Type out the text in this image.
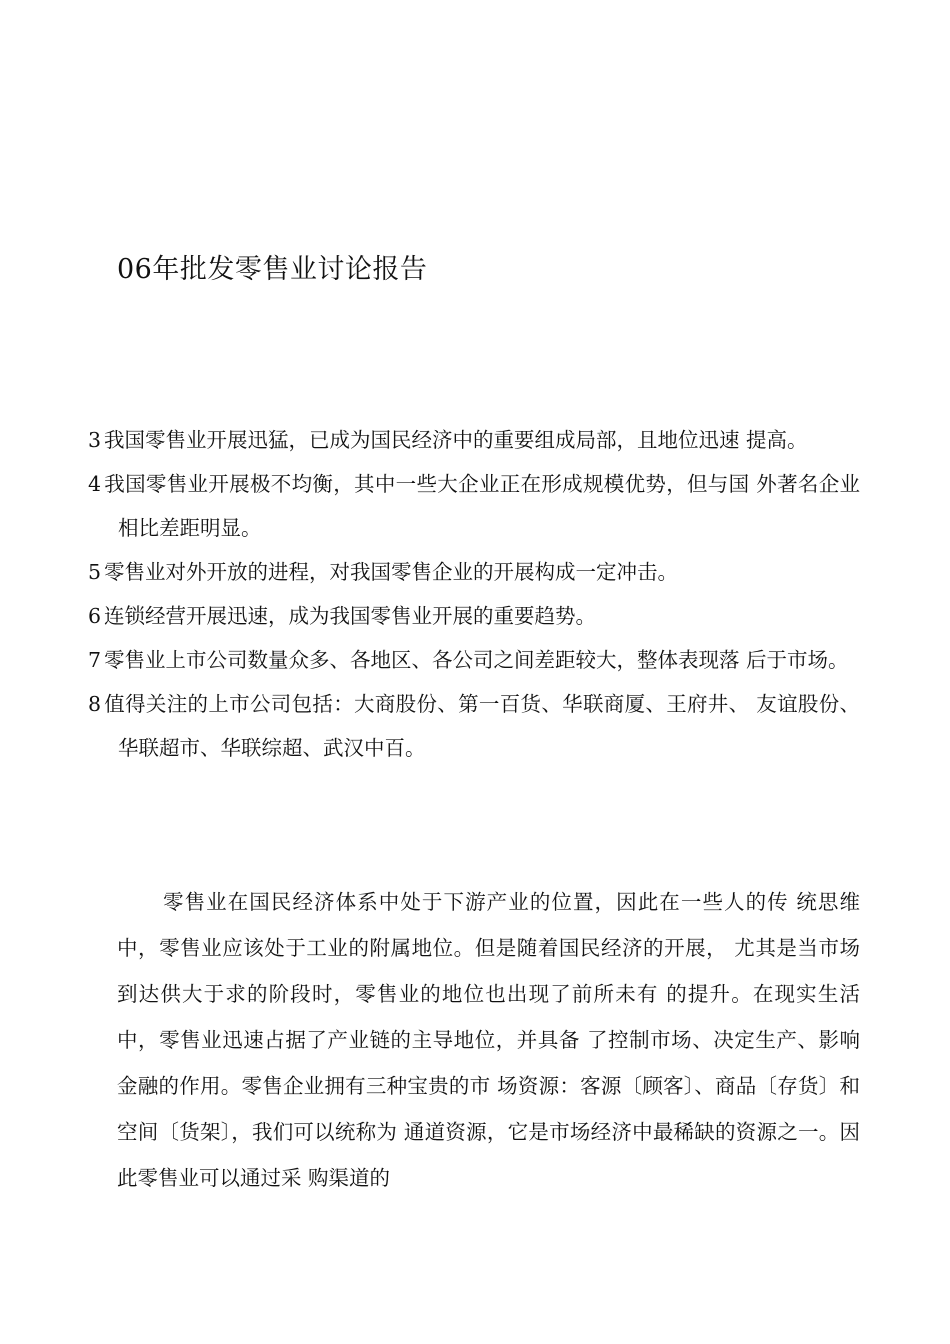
06年批发零售业讨论报告
3 我国零售业开展迅猛，已成为国民经济中的重要组成局部，且地位迅速 提高。
4 我国零售业开展极不均衡，其中一些大企业正在形成规模优势，但与国 外著名企业相比差距明显。
5 零售业对外开放的进程，对我国零售企业的开展构成一定冲击。
6 连锁经营开展迅速，成为我国零售业开展的重要趋势。
7 零售业上市公司数量众多、各地区、各公司之间差距较大，整体表现落 后于市场。
8 值得关注的上市公司包括：大商股份、第一百货、华联商厦、王府井、 友谊股份、华联超市、华联综超、武汉中百。
零售业在国民经济体系中处于下游产业的位置，因此在一些人的传 统思维中，零售业应该处于工业的附属地位。但是随着国民经济的开展， 尤其是当市场到达供大于求的阶段时，零售业的地位也出现了前所未有 的提升。在现实生活中，零售业迅速占据了产业链的主导地位，并具备 了控制市场、决定生产、影响金融的作用。零售企业拥有三种宝贵的市 场资源：客源〔顾客〕、商品〔存货〕和空间〔货架〕，我们可以统称为 通道资源，它是市场经济中最稀缺的资源之一。因此零售业可以通过采 购渠道的
